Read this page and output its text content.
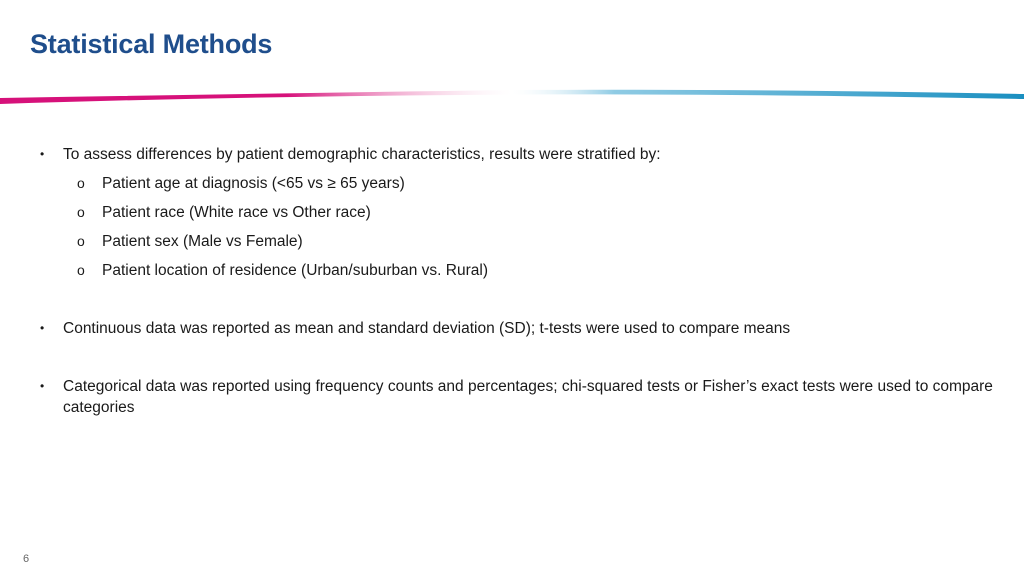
Statistical Methods
• To assess differences by patient demographic characteristics, results were stratified by:
o Patient age at diagnosis (<65 vs ≥ 65 years)
o Patient race (White race vs Other race)
o Patient sex (Male vs Female)
o Patient location of residence (Urban/suburban vs. Rural)
• Continuous data was reported as mean and standard deviation (SD); t-tests were used to compare means
• Categorical data was reported using frequency counts and percentages; chi-squared tests or Fisher’s exact tests were used to compare categories
6
